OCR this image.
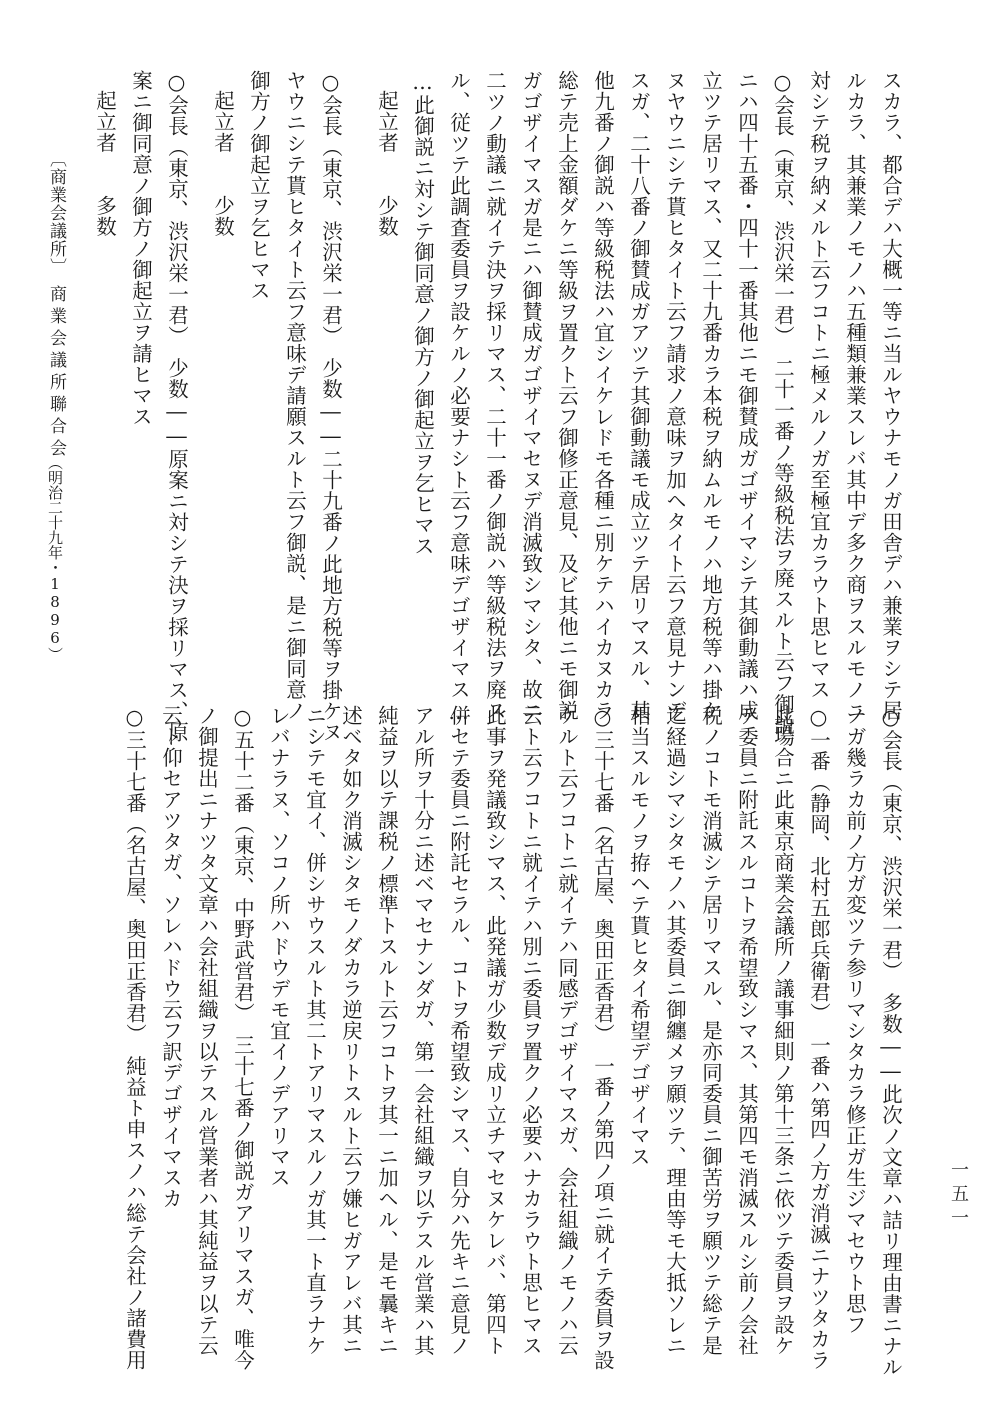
スカラ、都合デハ大概一等ニ当ルヤウナモノガ田舎デハ兼業ヲシテ居
ルカラ、其兼業ノモノハ五種類兼業スレバ其中デ多ク商ヲスルモノニ
対シテ税ヲ納メルト云フコトニ極メルノガ至極宜カラウト思ヒマス
○会長（東京、渋沢栄一君）　二十一番ノ等級税法ヲ廃スルト云フ御説
ニハ四十五番・四十一番其他ニモ御賛成ガゴザイマシテ其御動議ハ成
立ツテ居リマス、又二十九番カラ本税ヲ納ムルモノハ地方税等ハ掛ケ
ヌヤウニシテ貰ヒタイト云フ請求ノ意味ヲ加ヘタイト云フ意見ナンデ
スガ、二十八番ノ御賛成ガアツテ其御動議モ成立ツテ居リマスル、其
他九番ノ御説ハ等級税法ハ宜シイケレドモ各種ニ別ケテハイカヌカラ
総テ売上金額ダケニ等級ヲ置クト云フ御修正意見、及ビ其他ニモ御説
ガゴザイマスガ是ニハ御賛成ガゴザイマセヌデ消滅致シマシタ、故ニ
二ツノ動議ニ就イテ決ヲ採リマス、二十一番ノ御説ハ等級税法ヲ廃ス
ル、従ツテ此調査委員ヲ設ケルノ必要ナシト云フ意味デゴザイマス…
…此御説ニ対シテ御同意ノ御方ノ御起立ヲ乞ヒマス
起立者　　少数
○会長（東京、渋沢栄一君）　少数――二十九番ノ此地方税等ヲ掛ケヌ
ヤウニシテ貰ヒタイト云フ意味デ請願スルト云フ御説、是ニ御同意ノ
御方ノ御起立ヲ乞ヒマス
起立者　　少数
○会長（東京、渋沢栄一君）　少数――原案ニ対シテ決ヲ採リマス、原
案ニ御同意ノ御方ノ御起立ヲ請ヒマス
起立者　　多数
○会長（東京、渋沢栄一君）　多数――此次ノ文章ハ詰リ理由書ニナル
ノガ幾ラカ前ノ方ガ変ツテ参リマシタカラ修正ガ生ジマセウト思フ
○一番（静岡、北村五郎兵衛君）　一番ハ第四ノ方ガ消滅ニナツタカラ
此場合ニ此東京商業会議所ノ議事細則ノ第十三条ニ依ツテ委員ヲ設ケ
テ委員ニ附託スルコトヲ希望致シマス、其第四モ消滅スルシ前ノ会社
税ノコトモ消滅シテ居リマスル、是亦同委員ニ御苦労ヲ願ツテ総テ是
迄経過シマシタモノハ其委員ニ御纏メヲ願ツテ、理由等モ大抵ソレニ
相当スルモノヲ拵ヘテ貰ヒタイ希望デゴザイマス
○三十七番（名古屋、奥田正香君）　一番ノ第四ノ項ニ就イテ委員ヲ設
ケルト云フコトニ就イテハ同感デゴザイマスガ、会社組織ノモノハ云
云ト云フコトニ就イテハ別ニ委員ヲ置クノ必要ハナカラウト思ヒマス
此事ヲ発議致シマス、此発議ガ少数デ成リ立チマセヌケレバ、第四ト
併セテ委員ニ附託セラル、コトヲ希望致シマス、自分ハ先キニ意見ノ
アル所ヲ十分ニ述ベマセナンダガ、第一会社組織ヲ以テスル営業ハ其
純益ヲ以テ課税ノ標準トスルト云フコトヲ其一ニ加ヘル、是モ曩キニ
述ベタ如ク消滅シタモノダカラ逆戻リトスルト云フ嫌ヒガアレバ其ニ
ニシテモ宜イ、併シサウスルト其二トアリマスルノガ其一ト直ラナケ
レバナラヌ、ソコノ所ハドウデモ宜イノデアリマス
○五十二番（東京、中野武営君）　三十七番ノ御説ガアリマスガ、唯今
ノ御提出ニナツタ文章ハ会社組織ヲ以テスル営業者ハ其純益ヲ以テ云
云ト仰セアツタガ、ソレハドウ云フ訳デゴザイマスカ
○三十七番（名古屋、奥田正香君）　純益ト申スノハ総テ会社ノ諸費用
〔商業会議所〕
商業会議所聯合会
（明治二十九年・1896）
一五一
